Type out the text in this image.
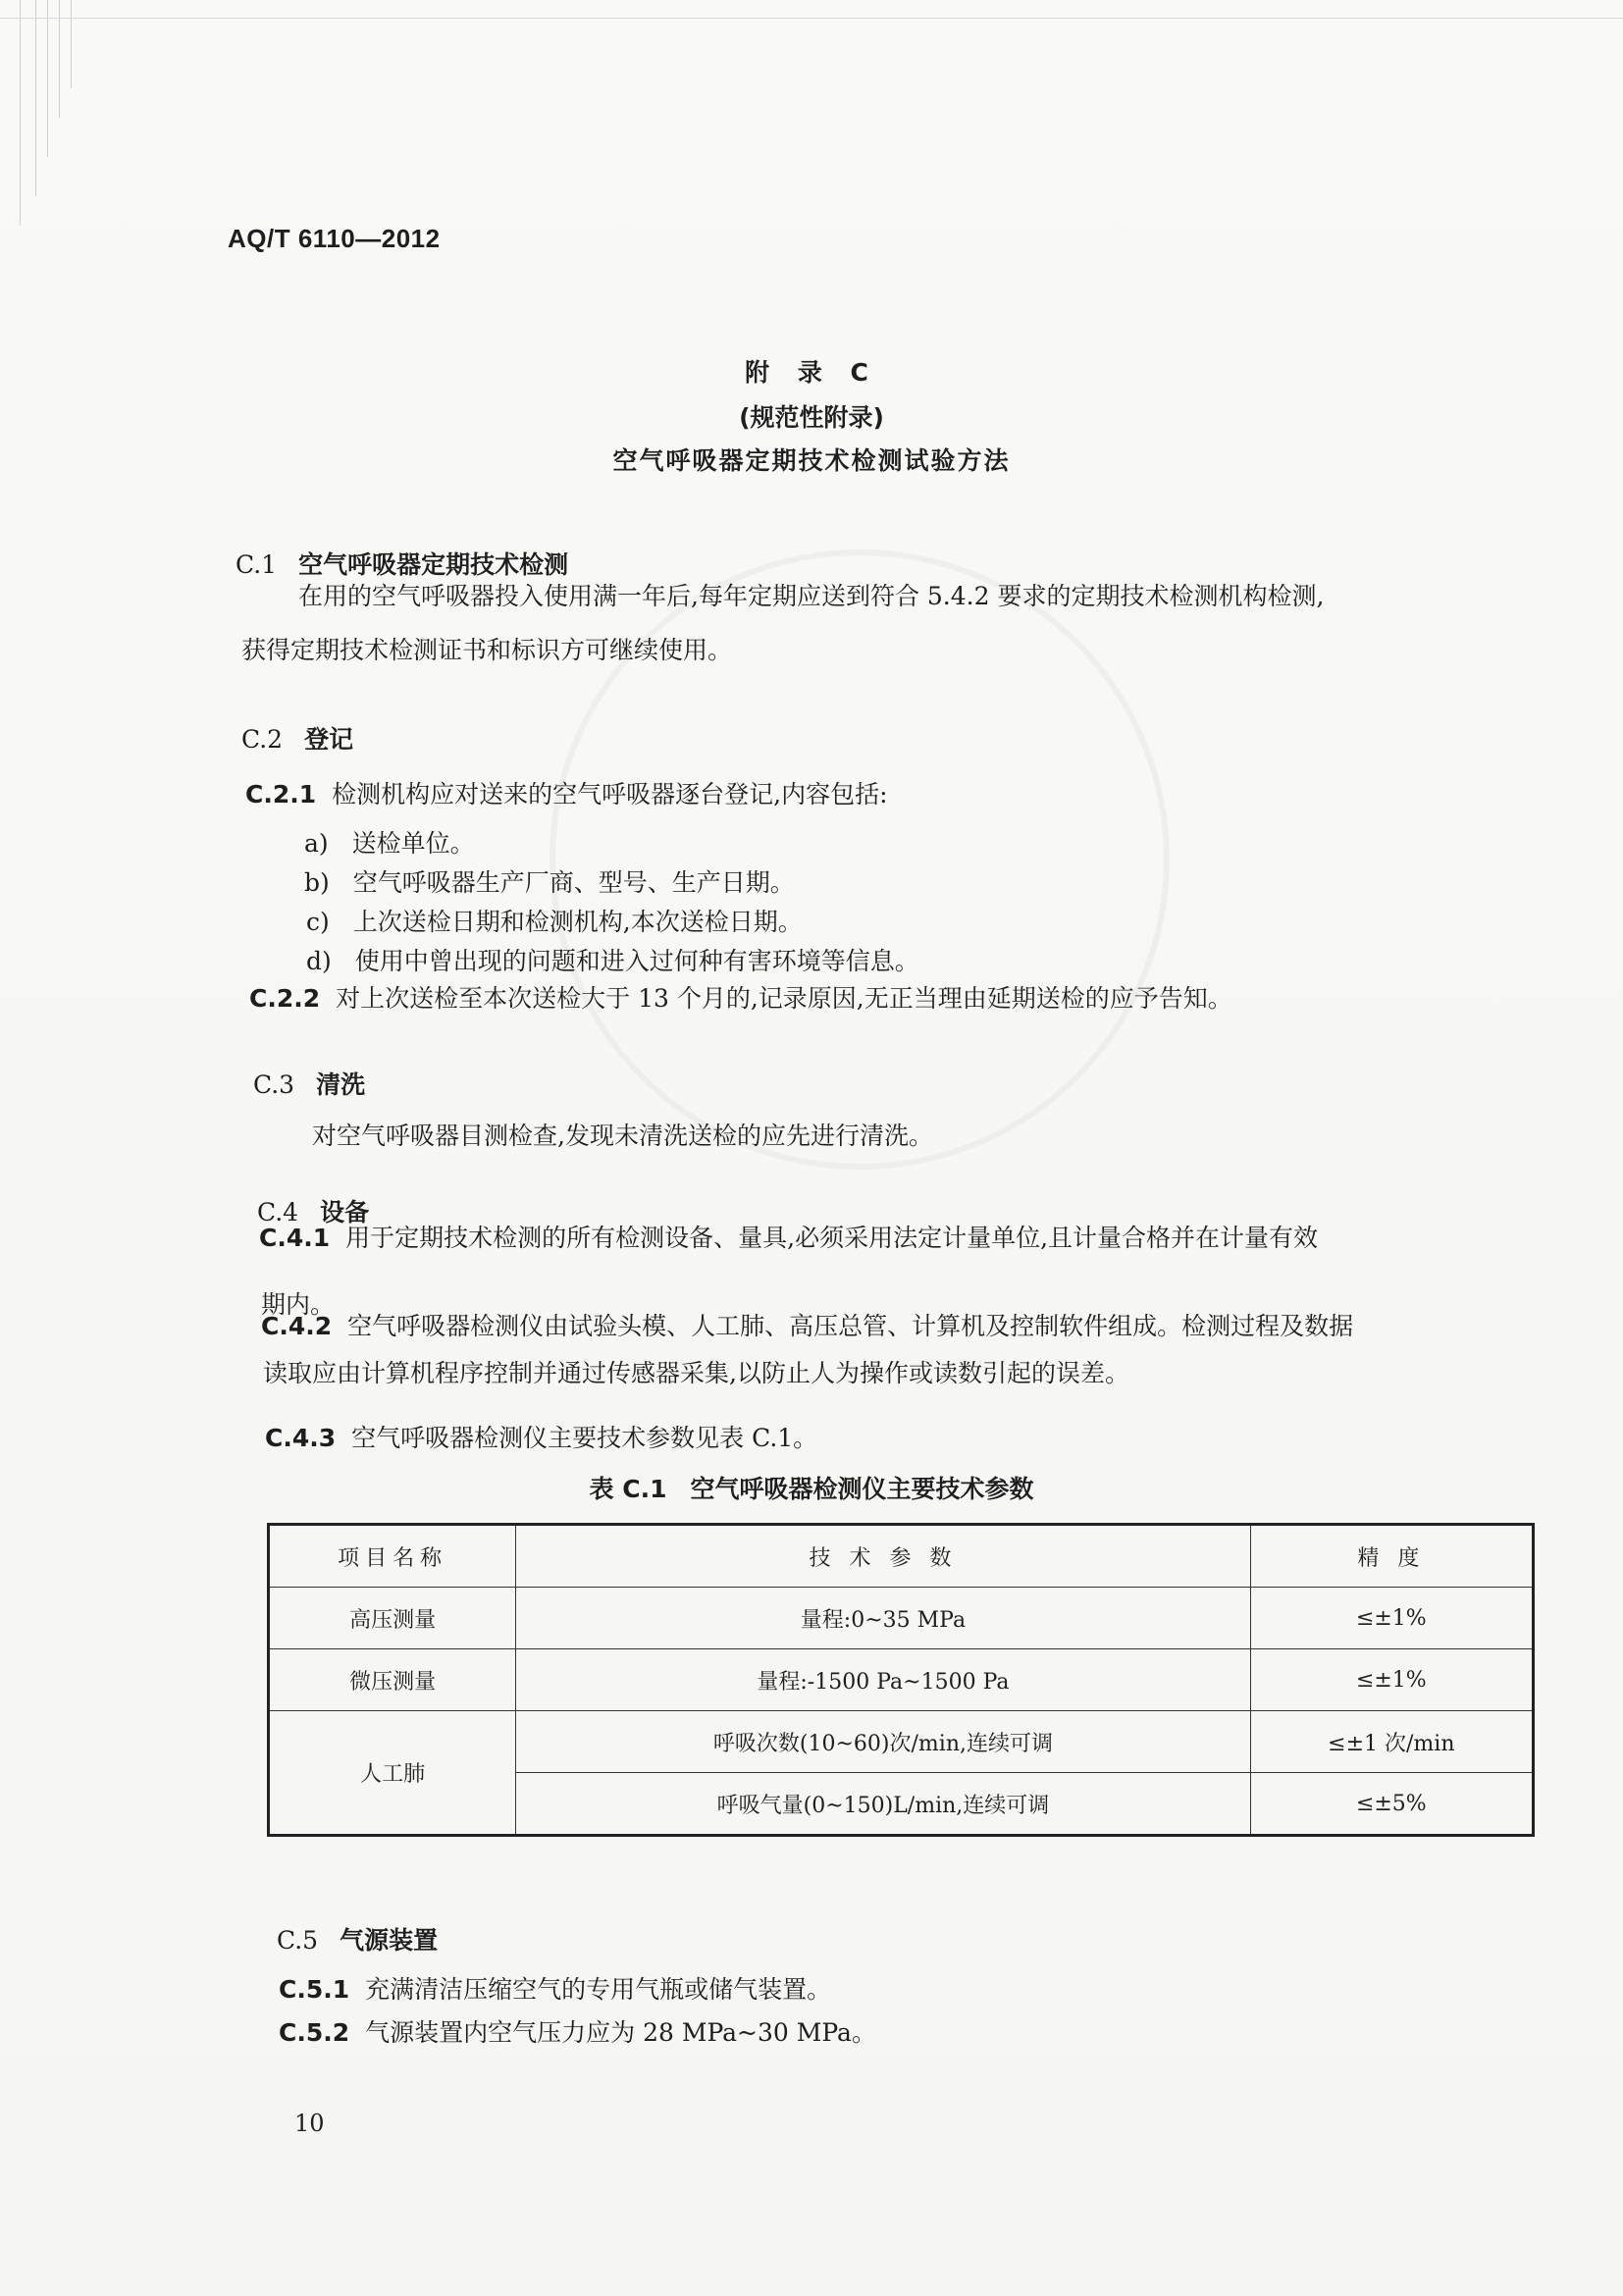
AQ/T 6110—2012
附 录 C
(规范性附录)
空气呼吸器定期技术检测试验方法
C.1 空气呼吸器定期技术检测
在用的空气呼吸器投入使用满一年后,每年定期应送到符合 5.4.2 要求的定期技术检测机构检测,
获得定期技术检测证书和标识方可继续使用。
C.2 登记
C.2.1 检测机构应对送来的空气呼吸器逐台登记,内容包括:
a) 送检单位。
b) 空气呼吸器生产厂商、型号、生产日期。
c) 上次送检日期和检测机构,本次送检日期。
d) 使用中曾出现的问题和进入过何种有害环境等信息。
C.2.2 对上次送检至本次送检大于 13 个月的,记录原因,无正当理由延期送检的应予告知。
C.3 清洗
对空气呼吸器目测检查,发现未清洗送检的应先进行清洗。
C.4 设备
C.4.1 用于定期技术检测的所有检测设备、量具,必须采用法定计量单位,且计量合格并在计量有效
期内。
C.4.2 空气呼吸器检测仪由试验头模、人工肺、高压总管、计算机及控制软件组成。检测过程及数据
读取应由计算机程序控制并通过传感器采集,以防止人为操作或读数引起的误差。
C.4.3 空气呼吸器检测仪主要技术参数见表 C.1。
表 C.1 空气呼吸器检测仪主要技术参数
项目名称	技 术 参 数	精 度
高压测量	量程:0~35 MPa	≤±1%
微压测量	量程:-1500 Pa~1500 Pa	≤±1%
人工肺	呼吸次数(10~60)次/min,连续可调	≤±1 次/min
	呼吸气量(0~150)L/min,连续可调	≤±5%
C.5 气源装置
C.5.1 充满清洁压缩空气的专用气瓶或储气装置。
C.5.2 气源装置内空气压力应为 28 MPa~30 MPa。
10
